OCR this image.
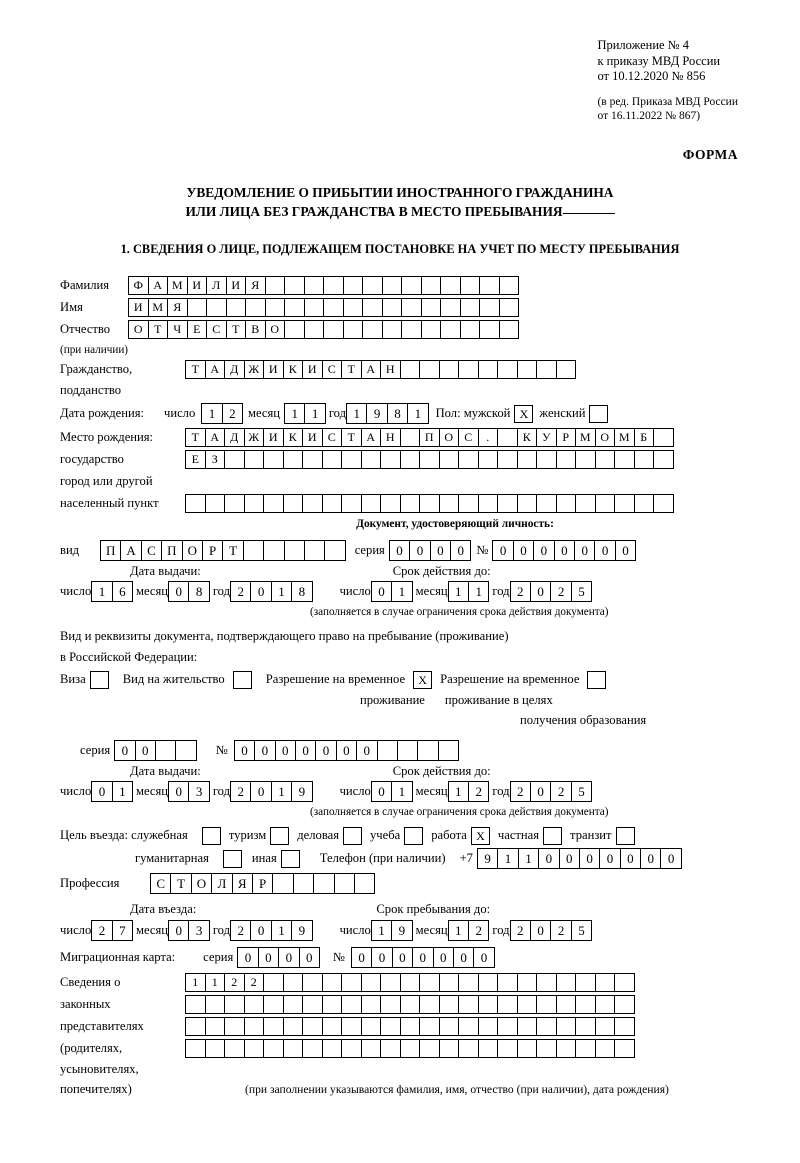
Приложение № 4
к приказу МВД России
от 10.12.2020 № 856
(в ред. Приказа МВД России
от 16.11.2022 № 867)
ФОРМА
УВЕДОМЛЕНИЕ О ПРИБЫТИИ ИНОСТРАННОГО ГРАЖДАНИНА
ИЛИ ЛИЦА БЕЗ ГРАЖДАНСТВА В МЕСТО ПРЕБЫВАНИЯ
1. СВЕДЕНИЯ О ЛИЦЕ, ПОДЛЕЖАЩЕМ ПОСТАНОВКЕ НА УЧЕТ ПО МЕСТУ ПРЕБЫВАНИЯ
Фамилия	Ф А М И Л И Я
Имя	И М Я
Отчество	О Т Ч Е С Т В О
(при наличии)
Гражданство,	Т А Д Ж И К И С Т А Н
подданство
Дата рождения: число	1	2 месяц 1	1 год 1	9	8	1	Пол: мужской X женский
Место рождения:	Т А Д Ж И К И С Т А Н	П О С	.	К У Р М О М Б
государство	Е	З
город или другой
населенный пункт
Документ, удостоверяющий личность:
вид	П А С П О Р Т	серия 0	0	0	0 № 0	0	0	0	0	0	0
Дата выдачи:	Срок действия до:
число 1	6 месяц 0	8 год 2	0	1	8	число 0	1 месяц 1	1 год 2	0	2	5
(заполняется в случае ограничения срока действия документа)
Вид и реквизиты документа, подтверждающего право на пребывание (проживание)
в Российской Федерации:
Виза	Вид на жительство	Разрешение на временное	X	Разрешение на временное
проживание проживание в целях
получения образования
серия 0	0	№	0	0	0	0	0	0	0
Дата выдачи:	Срок действия до:
число 0	1 месяц 0	3 год 2	0	1	9	число 0	1 месяц 1	2 год 2	0	2	5
(заполняется в случае ограничения срока действия документа)
Цель въезда: служебная	туризм деловая учеба работа X	частная транзит
гуманитарная	иная	Телефон (при наличии) +7 9	1	1	0	0	0	0	0	0	0
Профессия	С Т О Л Я Р
Дата въезда:	Срок пребывания до:
число 2	7 месяц 0	3 год 2	0	1	9	число 1	9 месяц 1	2 год 2	0	2	5
Миграционная карта: серия 0	0	0	0	№	0	0	0	0	0	0	0
Сведения о	1	1	2	2
законных
представителях
(родителях,
усыновителях,
попечителях)	(при заполнении указываются фамилия, имя, отчество (при наличии), дата рождения)
